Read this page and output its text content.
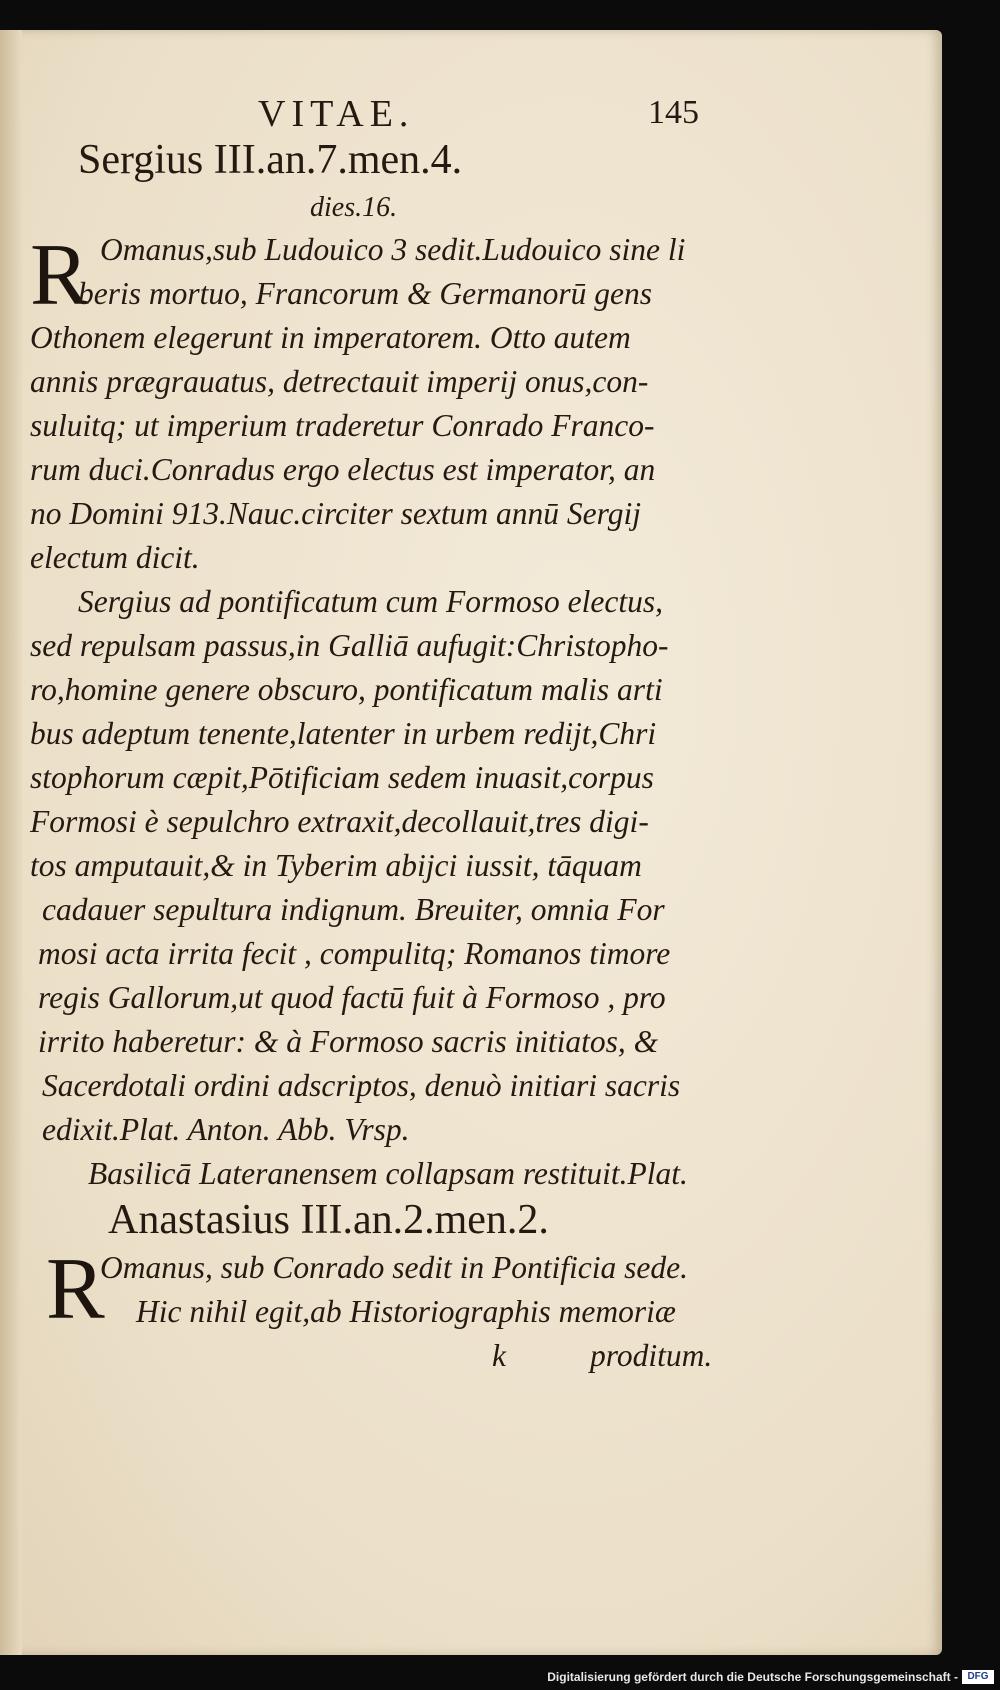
VITAE.	145
Sergius III.an.7.men.4.
dies.16.
R Omanus,sub Ludouico 3 sedit.Ludouico sine li
beris mortuo, Francorum & Germanorū gens
Othonem elegerunt in imperatorem. Otto autem
annis prægrauatus, detrectauit imperij onus,con-
suluitq; ut imperium traderetur Conrado Franco-
rum duci.Conradus ergo electus est imperator, an
no Domini 913.Nauc.circiter sextum annū Sergij
electum dicit.
Sergius ad pontificatum cum Formoso electus,
sed repulsam passus,in Galliā aufugit:Christopho-
ro,homine genere obscuro, pontificatum malis arti
bus adeptum tenente,latenter in urbem redijt,Chri
stophorum cæpit,Pōtificiam sedem inuasit,corpus
Formosi è sepulchro extraxit,decollauit,tres digi-
tos amputauit,& in Tyberim abijci iussit, tāquam
cadauer sepultura indignum. Breuiter, omnia For
mosi acta irrita fecit , compulitq; Romanos timore
regis Gallorum,ut quod factū fuit à Formoso , pro
irrito haberetur: & à Formoso sacris initiatos, &
Sacerdotali ordini adscriptos, denuò initiari sacris
edixit.Plat. Anton. Abb. Vrsp.
Basilicā Lateranensem collapsam restituit.Plat.
Anastasius III.an.2.men.2.
R
Omanus, sub Conrado sedit in Pontificia sede.
Hic nihil egit,ab Historiographis memoriæ
k	proditum.
Digitalisierung gefördert durch die Deutsche Forschungsgemeinschaft - DFG
